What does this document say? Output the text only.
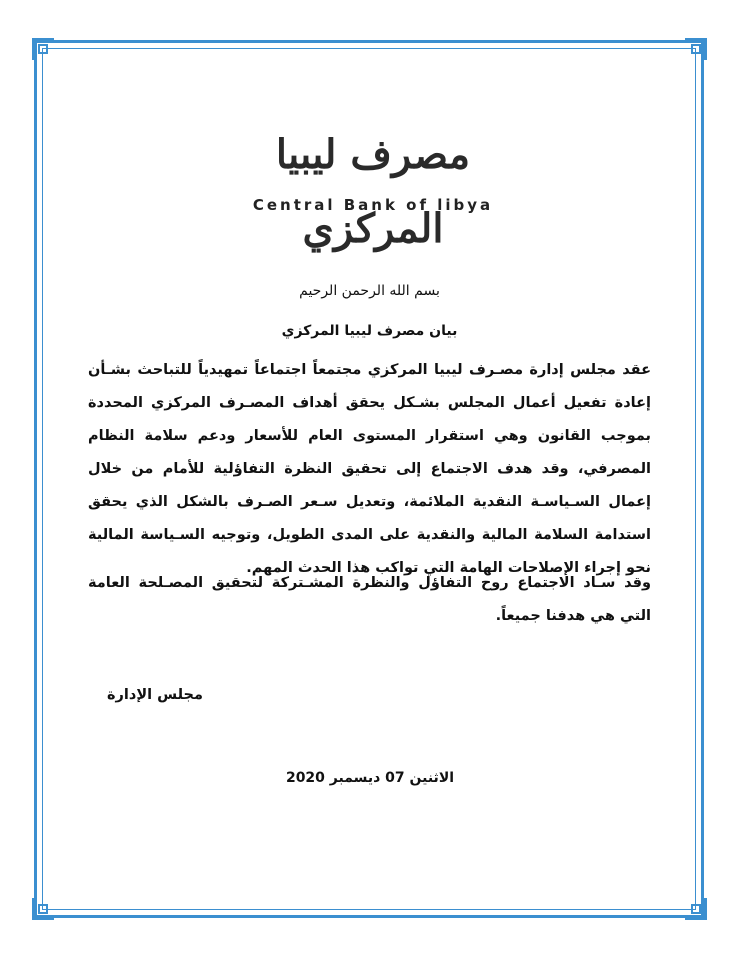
مصرف ليبيا المركزي
Central Bank of libya
بسم الله الرحمن الرحيم
بيان مصرف ليبيا المركزي
عقد مجلس إدارة مصـرف ليبيا المركزي مجتمعاً اجتماعاً تمهيدياً للتباحث بشـأن إعادة تفعيل أعمال المجلس بشـكل يحقق أهداف المصـرف المركزي المحددة بموجب القانون وهي استقرار المستوى العام للأسعار ودعم سلامة النظام المصرفي، وقد هدف الاجتماع إلى تحقيق النظرة التفاؤلية للأمام من خلال إعمال السـياسـة النقدية الملائمة، وتعديل سـعر الصـرف بالشكل الذي يحقق استدامة السلامة المالية والنقدية على المدى الطويل، وتوجيه السـياسة المالية نحو إجراء الإصلاحات الهامة التي تواكب هذا الحدث المهم.
وقد سـاد الاجتماع روح التفاؤل والنظرة المشـتركة لتحقيق المصـلحة العامة التي هي هدفنا جميعاً.
مجلس الإدارة
الاثنين 07 ديسمبر 2020
